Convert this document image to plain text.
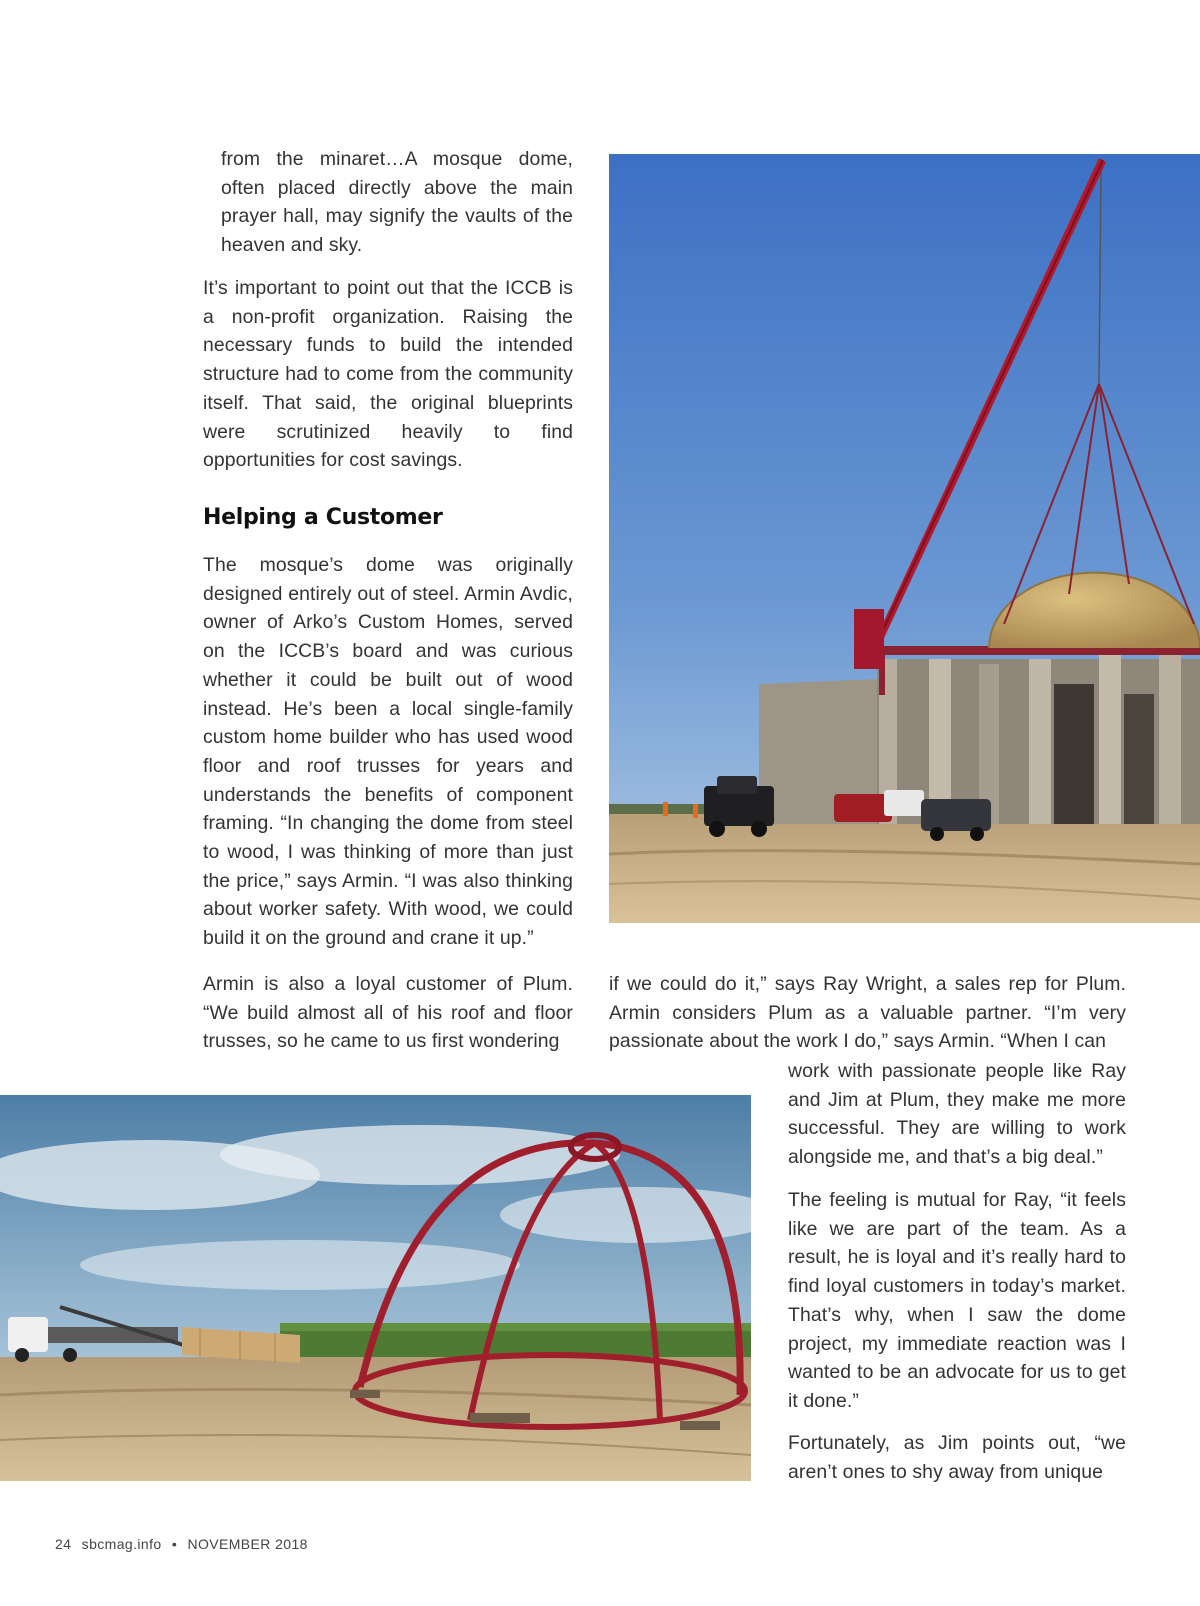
from the minaret…A mosque dome, often placed directly above the main prayer hall, may signify the vaults of the heaven and sky.

It’s important to point out that the ICCB is a non-profit organization. Raising the necessary funds to build the intended structure had to come from the community itself. That said, the original blueprints were scrutinized heavily to find opportunities for cost savings.

Helping a Customer

The mosque’s dome was originally designed entirely out of steel. Armin Avdic, owner of Arko’s Custom Homes, served on the ICCB’s board and was curious whether it could be built out of wood instead. He’s been a local single-family custom home builder who has used wood floor and roof trusses for years and understands the benefits of component framing. “In changing the dome from steel to wood, I was thinking of more than just the price,” says Armin. “I was also thinking about worker safety. With wood, we could build it on the ground and crane it up.”

Armin is also a loyal customer of Plum. “We build almost all of his roof and floor trusses, so he came to us first wondering

if we could do it,” says Ray Wright, a sales rep for Plum. Armin considers Plum as a valuable partner. “I’m very passionate about the work I do,” says Armin. “When I can

work with passionate people like Ray and Jim at Plum, they make me more successful. They are willing to work alongside me, and that’s a big deal.”

The feeling is mutual for Ray, “it feels like we are part of the team. As a result, he is loyal and it’s really hard to find loyal customers in today’s market. That’s why, when I saw the dome project, my immediate reaction was I wanted to be an advocate for us to get it done.”

Fortunately, as Jim points out, “we aren’t ones to shy away from unique

24 sbcmag.info • NOVEMBER 2018
